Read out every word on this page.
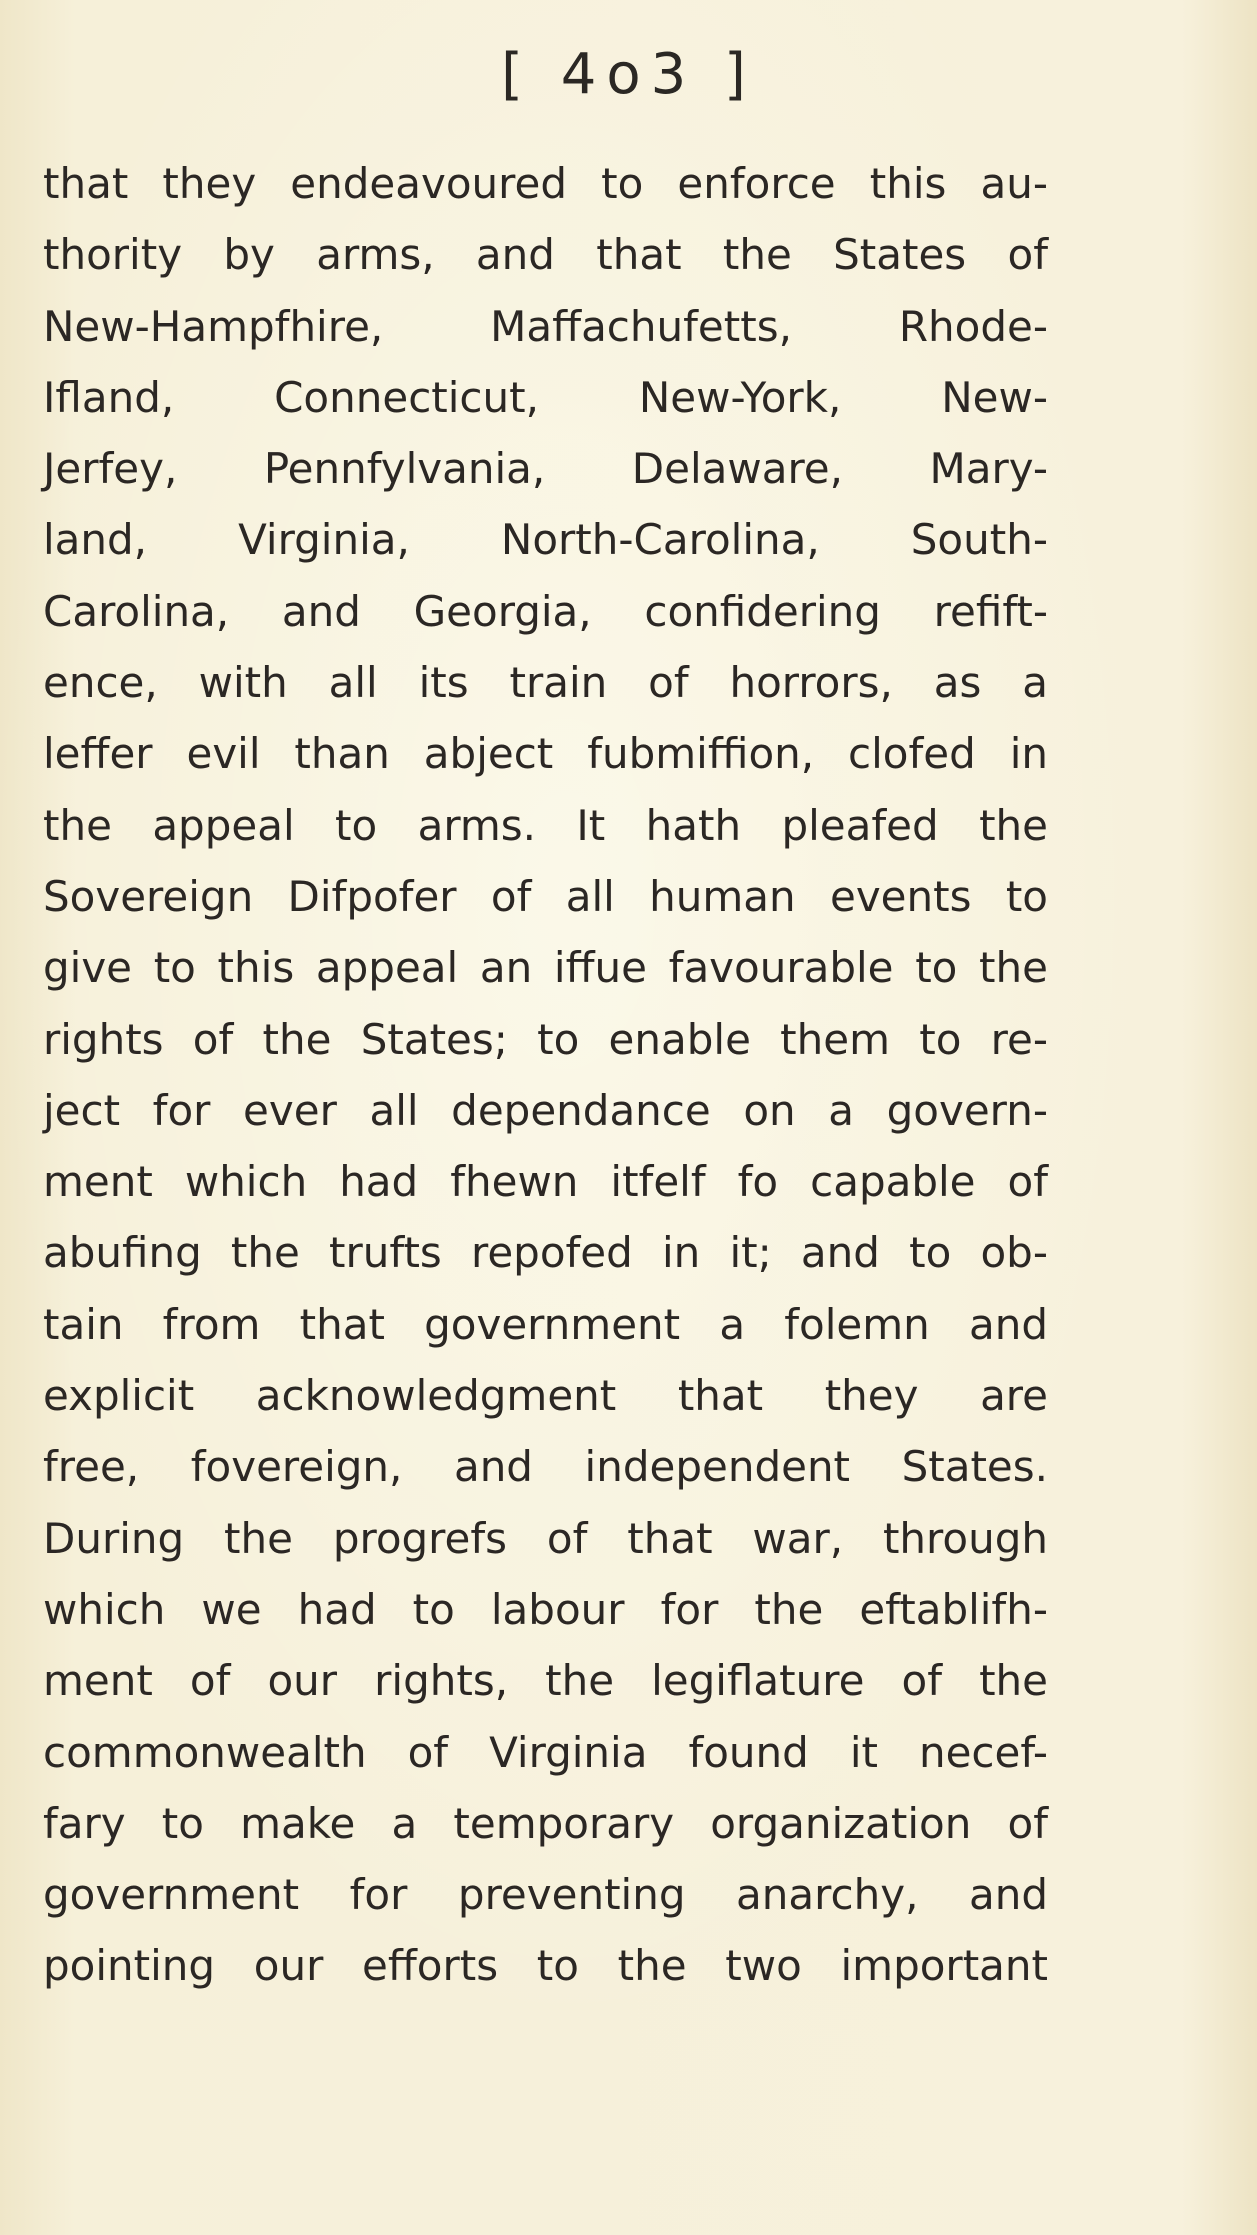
[ 4o3 ]
that they endeavoured to enforce this au-
thority by arms, and that the States of
New-Hampfhire, Maffachufetts, Rhode-
Ifland, Connecticut, New-York, New-
Jerfey, Pennfylvania, Delaware, Mary-
land, Virginia, North-Carolina, South-
Carolina, and Georgia, confidering refift-
ence, with all its train of horrors, as a
leffer evil than abject fubmiffion, clofed in
the appeal to arms. It hath pleafed the
Sovereign Difpofer of all human events to
give to this appeal an iffue favourable to the
rights of the States; to enable them to re-
ject for ever all dependance on a govern-
ment which had fhewn itfelf fo capable of
abufing the trufts repofed in it; and to ob-
tain from that government a folemn and
explicit acknowledgment that they are
free, fovereign, and independent States.
During the progrefs of that war, through
which we had to labour for the eftablifh-
ment of our rights, the legiflature of the
commonwealth of Virginia found it necef-
fary to make a temporary organization of
government for preventing anarchy, and
pointing our efforts to the two important
